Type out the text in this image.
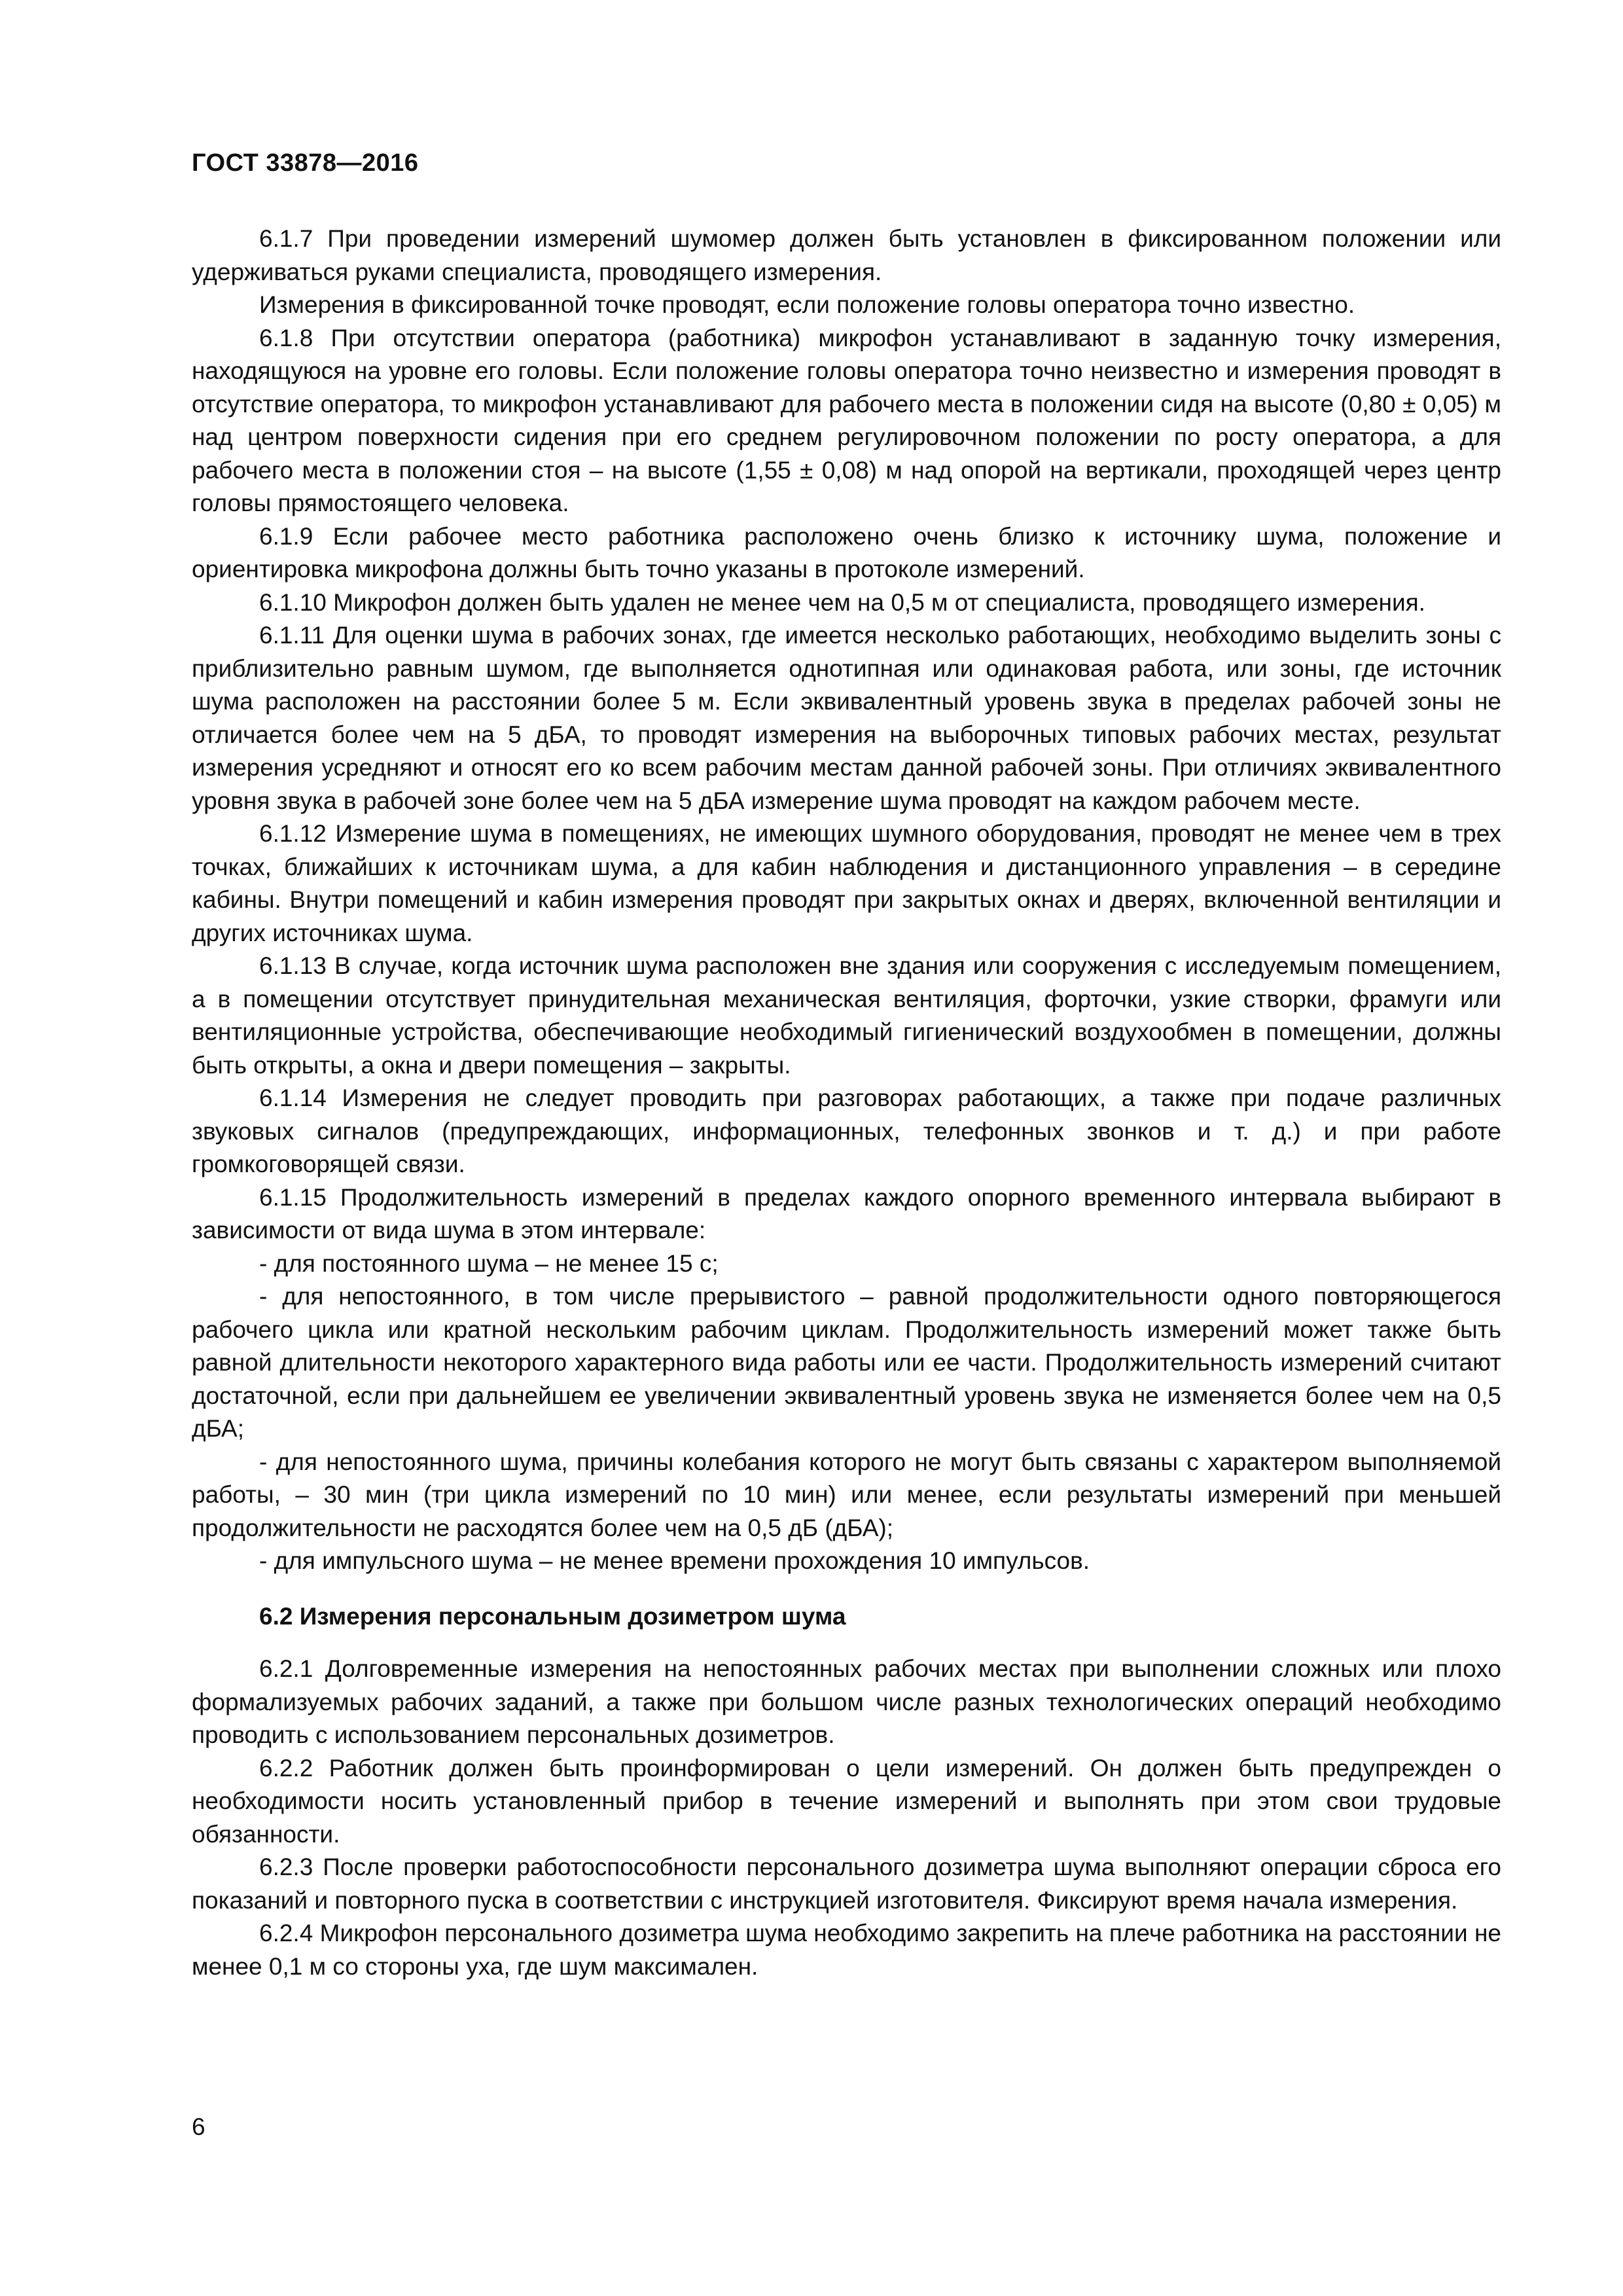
ГОСТ 33878—2016

6.1.7 При проведении измерений шумомер должен быть установлен в фиксированном положении или удерживаться руками специалиста, проводящего измерения.

Измерения в фиксированной точке проводят, если положение головы оператора точно известно.

6.1.8 При отсутствии оператора (работника) микрофон устанавливают в заданную точку измерения, находящуюся на уровне его головы. Если положение головы оператора точно неизвестно и измерения проводят в отсутствие оператора, то микрофон устанавливают для рабочего места в положении сидя на высоте (0,80 ± 0,05) м над центром поверхности сидения при его среднем регулировочном положении по росту оператора, а для рабочего места в положении стоя – на высоте (1,55 ± 0,08) м над опорой на вертикали, проходящей через центр головы прямостоящего человека.

6.1.9 Если рабочее место работника расположено очень близко к источнику шума, положение и ориентировка микрофона должны быть точно указаны в протоколе измерений.

6.1.10 Микрофон должен быть удален не менее чем на 0,5 м от специалиста, проводящего измерения.

6.1.11 Для оценки шума в рабочих зонах, где имеется несколько работающих, необходимо выделить зоны с приблизительно равным шумом, где выполняется однотипная или одинаковая работа, или зоны, где источник шума расположен на расстоянии более 5 м. Если эквивалентный уровень звука в пределах рабочей зоны не отличается более чем на 5 дБА, то проводят измерения на выборочных типовых рабочих местах, результат измерения усредняют и относят его ко всем рабочим местам данной рабочей зоны. При отличиях эквивалентного уровня звука в рабочей зоне более чем на 5 дБА измерение шума проводят на каждом рабочем месте.

6.1.12 Измерение шума в помещениях, не имеющих шумного оборудования, проводят не менее чем в трех точках, ближайших к источникам шума, а для кабин наблюдения и дистанционного управления – в середине кабины. Внутри помещений и кабин измерения проводят при закрытых окнах и дверях, включенной вентиляции и других источниках шума.

6.1.13 В случае, когда источник шума расположен вне здания или сооружения с исследуемым помещением, а в помещении отсутствует принудительная механическая вентиляция, форточки, узкие створки, фрамуги или вентиляционные устройства, обеспечивающие необходимый гигиенический воздухообмен в помещении, должны быть открыты, а окна и двери помещения – закрыты.

6.1.14 Измерения не следует проводить при разговорах работающих, а также при подаче различных звуковых сигналов (предупреждающих, информационных, телефонных звонков и т. д.) и при работе громкоговорящей связи.

6.1.15 Продолжительность измерений в пределах каждого опорного временного интервала выбирают в зависимости от вида шума в этом интервале:

- для постоянного шума – не менее 15 с;

- для непостоянного, в том числе прерывистого – равной продолжительности одного повторяющегося рабочего цикла или кратной нескольким рабочим циклам. Продолжительность измерений может также быть равной длительности некоторого характерного вида работы или ее части. Продолжительность измерений считают достаточной, если при дальнейшем ее увеличении эквивалентный уровень звука не изменяется более чем на 0,5 дБА;

- для непостоянного шума, причины колебания которого не могут быть связаны с характером выполняемой работы, – 30 мин (три цикла измерений по 10 мин) или менее, если результаты измерений при меньшей продолжительности не расходятся более чем на 0,5 дБ (дБА);

- для импульсного шума – не менее времени прохождения 10 импульсов.

6.2 Измерения персональным дозиметром шума

6.2.1 Долговременные измерения на непостоянных рабочих местах при выполнении сложных или плохо формализуемых рабочих заданий, а также при большом числе разных технологических операций необходимо проводить с использованием персональных дозиметров.

6.2.2 Работник должен быть проинформирован о цели измерений. Он должен быть предупрежден о необходимости носить установленный прибор в течение измерений и выполнять при этом свои трудовые обязанности.

6.2.3 После проверки работоспособности персонального дозиметра шума выполняют операции сброса его показаний и повторного пуска в соответствии с инструкцией изготовителя. Фиксируют время начала измерения.

6.2.4 Микрофон персонального дозиметра шума необходимо закрепить на плече работника на расстоянии не менее 0,1 м со стороны уха, где шум максимален.

6
